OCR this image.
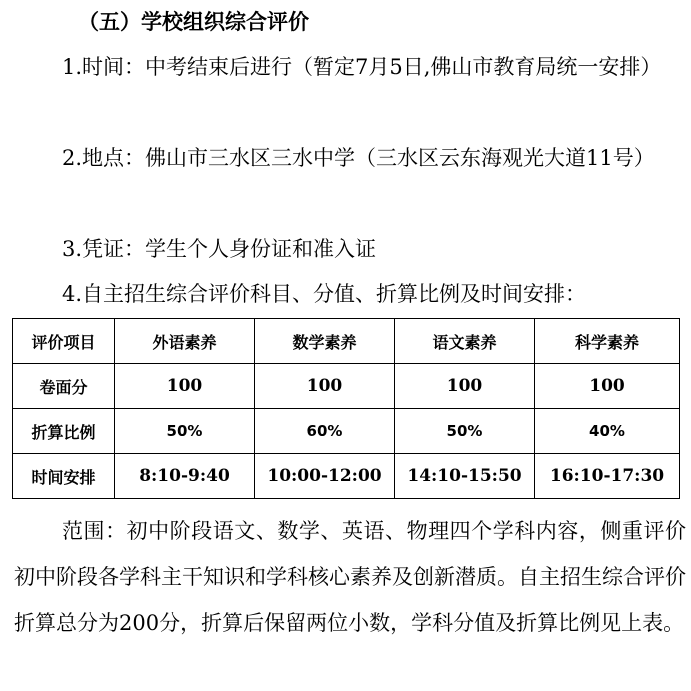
（五）学校组织综合评价

1.时间：中考结束后进行（暂定7月5日,佛山市教育局统一安排）

2.地点：佛山市三水区三水中学（三水区云东海观光大道11号）

3.凭证：学生个人身份证和准入证

4.自主招生综合评价科目、分值、折算比例及时间安排：

评价项目	外语素养	数学素养	语文素养	科学素养
卷面分	100	100	100	100
折算比例	50%	60%	50%	40%
时间安排	8:10-9:40	10:00-12:00	14:10-15:50	16:10-17:30

范围：初中阶段语文、数学、英语、物理四个学科内容，侧重评价初中阶段各学科主干知识和学科核心素养及创新潜质。自主招生综合评价折算总分为200分，折算后保留两位小数，学科分值及折算比例见上表。
